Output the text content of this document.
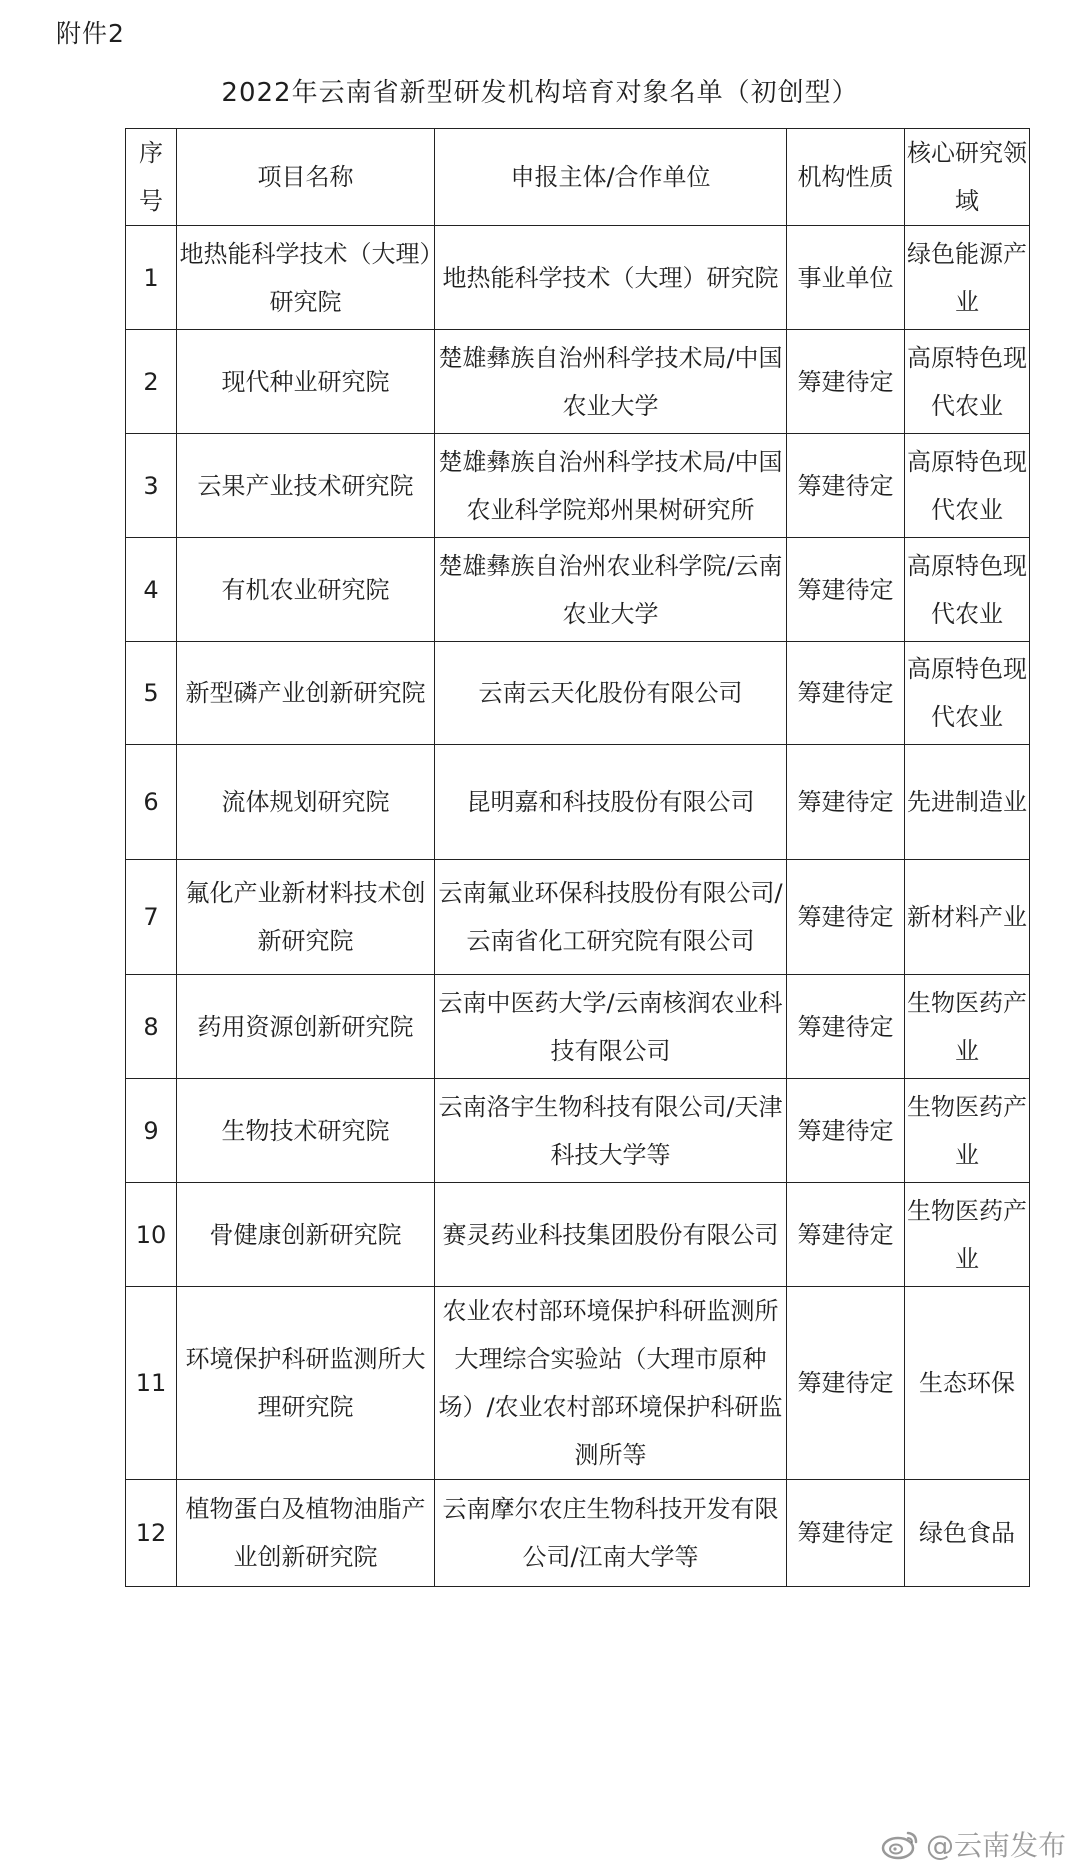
附件2
2022年云南省新型研发机构培育对象名单（初创型）
序号	项目名称	申报主体/合作单位	机构性质	核心研究领域
1	地热能科学技术（大理）研究院	地热能科学技术（大理）研究院	事业单位	绿色能源产业
2	现代种业研究院	楚雄彝族自治州科学技术局/中国农业大学	筹建待定	高原特色现代农业
3	云果产业技术研究院	楚雄彝族自治州科学技术局/中国农业科学院郑州果树研究所	筹建待定	高原特色现代农业
4	有机农业研究院	楚雄彝族自治州农业科学院/云南农业大学	筹建待定	高原特色现代农业
5	新型磷产业创新研究院	云南云天化股份有限公司	筹建待定	高原特色现代农业
6	流体规划研究院	昆明嘉和科技股份有限公司	筹建待定	先进制造业
7	氟化产业新材料技术创新研究院	云南氟业环保科技股份有限公司/云南省化工研究院有限公司	筹建待定	新材料产业
8	药用资源创新研究院	云南中医药大学/云南核润农业科技有限公司	筹建待定	生物医药产业
9	生物技术研究院	云南洛宇生物科技有限公司/天津科技大学等	筹建待定	生物医药产业
10	骨健康创新研究院	赛灵药业科技集团股份有限公司	筹建待定	生物医药产业
11	环境保护科研监测所大理研究院	农业农村部环境保护科研监测所大理综合实验站（大理市原种场）/农业农村部环境保护科研监测所等	筹建待定	生态环保
12	植物蛋白及植物油脂产业创新研究院	云南摩尔农庄生物科技开发有限公司/江南大学等	筹建待定	绿色食品
@云南发布
